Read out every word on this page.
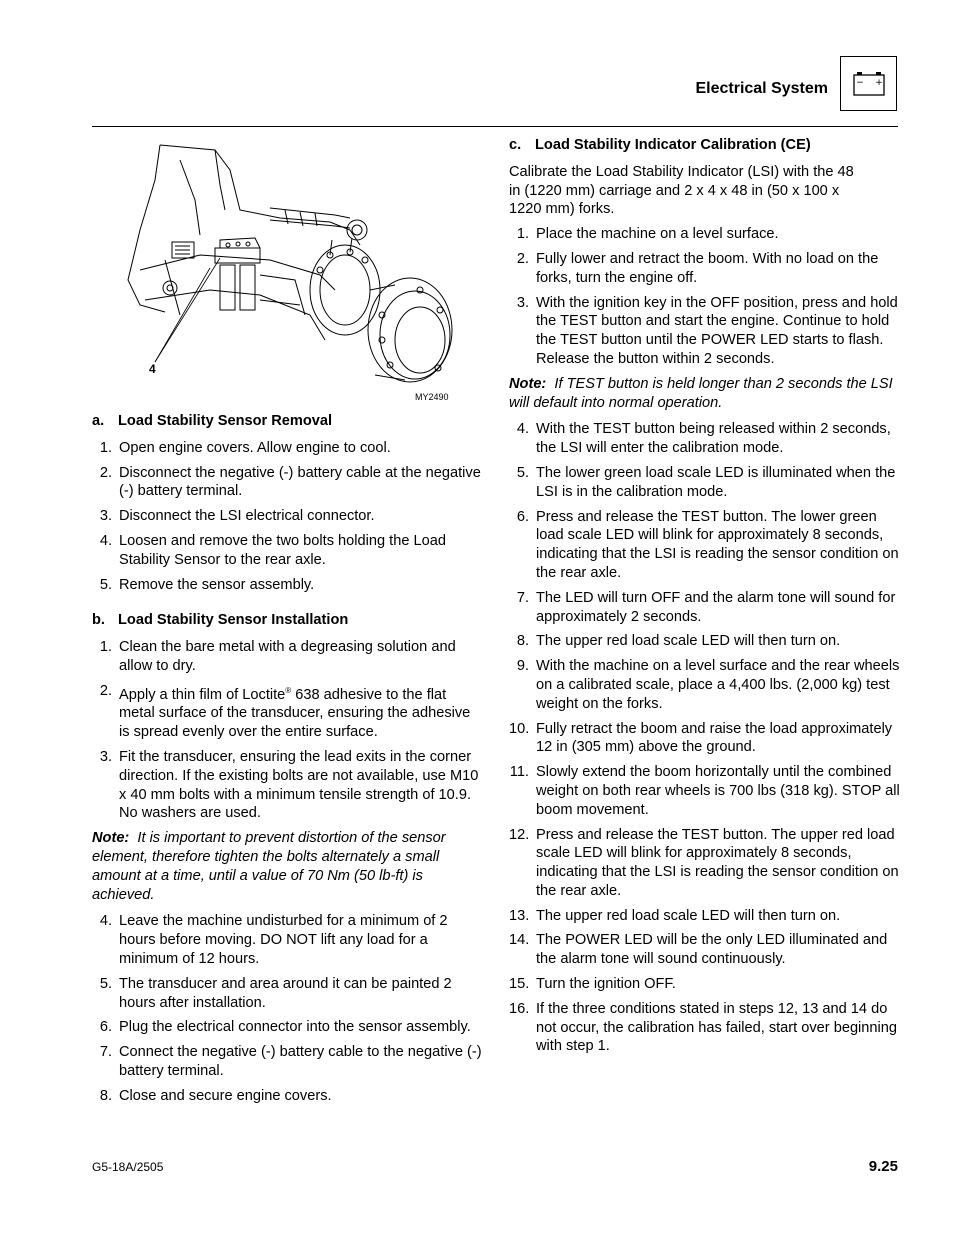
Electrical System	− +
4
MY2490
a. Load Stability Sensor Removal
1. Open engine covers. Allow engine to cool.
2. Disconnect the negative (-) battery cable at the negative (-) battery terminal.
3. Disconnect the LSI electrical connector.
4. Loosen and remove the two bolts holding the Load Stability Sensor to the rear axle.
5. Remove the sensor assembly.
b. Load Stability Sensor Installation
1. Clean the bare metal with a degreasing solution and allow to dry.
2. Apply a thin film of Loctite® 638 adhesive to the flat metal surface of the transducer, ensuring the adhesive is spread evenly over the entire surface.
3. Fit the transducer, ensuring the lead exits in the corner direction. If the existing bolts are not available, use M10 x 40 mm bolts with a minimum tensile strength of 10.9. No washers are used.

Note: It is important to prevent distortion of the sensor element, therefore tighten the bolts alternately a small amount at a time, until a value of 70 Nm (50 lb-ft) is achieved.

4. Leave the machine undisturbed for a minimum of 2 hours before moving. DO NOT lift any load for a minimum of 12 hours.
5. The transducer and area around it can be painted 2 hours after installation.
6. Plug the electrical connector into the sensor assembly.
7. Connect the negative (-) battery cable to the negative (-) battery terminal.
8. Close and secure engine covers.
c. Load Stability Indicator Calibration (CE)

Calibrate the Load Stability Indicator (LSI) with the 48 in (1220 mm) carriage and 2 x 4 x 48 in (50 x 100 x 1220 mm) forks.

1. Place the machine on a level surface.
2. Fully lower and retract the boom. With no load on the forks, turn the engine off.
3. With the ignition key in the OFF position, press and hold the TEST button and start the engine. Continue to hold the TEST button until the POWER LED starts to flash. Release the button within 2 seconds.

Note: If TEST button is held longer than 2 seconds the LSI will default into normal operation.

4. With the TEST button being released within 2 seconds, the LSI will enter the calibration mode.
5. The lower green load scale LED is illuminated when the LSI is in the calibration mode.
6. Press and release the TEST button. The lower green load scale LED will blink for approximately 8 seconds, indicating that the LSI is reading the sensor condition on the rear axle.
7. The LED will turn OFF and the alarm tone will sound for approximately 2 seconds.
8. The upper red load scale LED will then turn on.
9. With the machine on a level surface and the rear wheels on a calibrated scale, place a 4,400 lbs. (2,000 kg) test weight on the forks.
10. Fully retract the boom and raise the load approximately 12 in (305 mm) above the ground.
11. Slowly extend the boom horizontally until the combined weight on both rear wheels is 700 lbs (318 kg). STOP all boom movement.
12. Press and release the TEST button. The upper red load scale LED will blink for approximately 8 seconds, indicating that the LSI is reading the sensor condition on the rear axle.
13. The upper red load scale LED will then turn on.
14. The POWER LED will be the only LED illuminated and the alarm tone will sound continuously.
15. Turn the ignition OFF.
16. If the three conditions stated in steps 12, 13 and 14 do not occur, the calibration has failed, start over beginning with step 1.
G5-18A/2505	9.25
